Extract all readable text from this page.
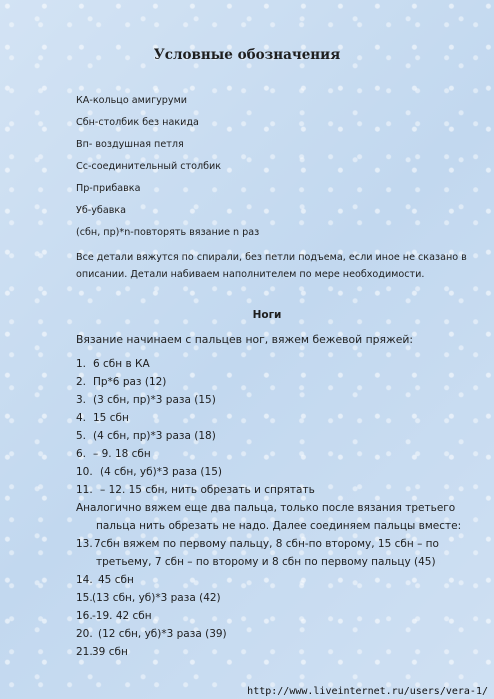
Условные обозначения
КА-кольцо амигуруми
Сбн-столбик без накида
Вп- воздушная петля
Сс-соединительный столбик
Пр-прибавка
Уб-убавка
(сбн, пр)*n-повторять вязание n раз
Все детали вяжутся по спирали, без петли подъема, если иное не сказано в
описании. Детали набиваем наполнителем по мере необходимости.
Ноги
Вязание начинаем с пальцев ног, вяжем бежевой пряжей:
1. 6 сбн в КА
2. Пр*6 раз (12)
3. (3 сбн, пр)*3 раза (15)
4. 15 сбн
5. (4 сбн, пр)*3 раза (18)
6. – 9. 18 сбн
10. (4 сбн, уб)*3 раза (15)
11. – 12. 15 сбн, нить обрезать и спрятать
Аналогично вяжем еще два пальца, только после вязания третьего
пальца нить обрезать не надо. Далее соединяем пальцы вместе:
13. 7сбн вяжем по первому пальцу, 8 сбн-по второму, 15 сбн – по
третьему, 7 сбн – по второму и 8 сбн по первому пальцу (45)
14. 45 сбн
15. (13 сбн, уб)*3 раза (42)
16. -19. 42 сбн
20. (12 сбн, уб)*3 раза (39)
21. 39 сбн
http://www.liveinternet.ru/users/vera-1/
